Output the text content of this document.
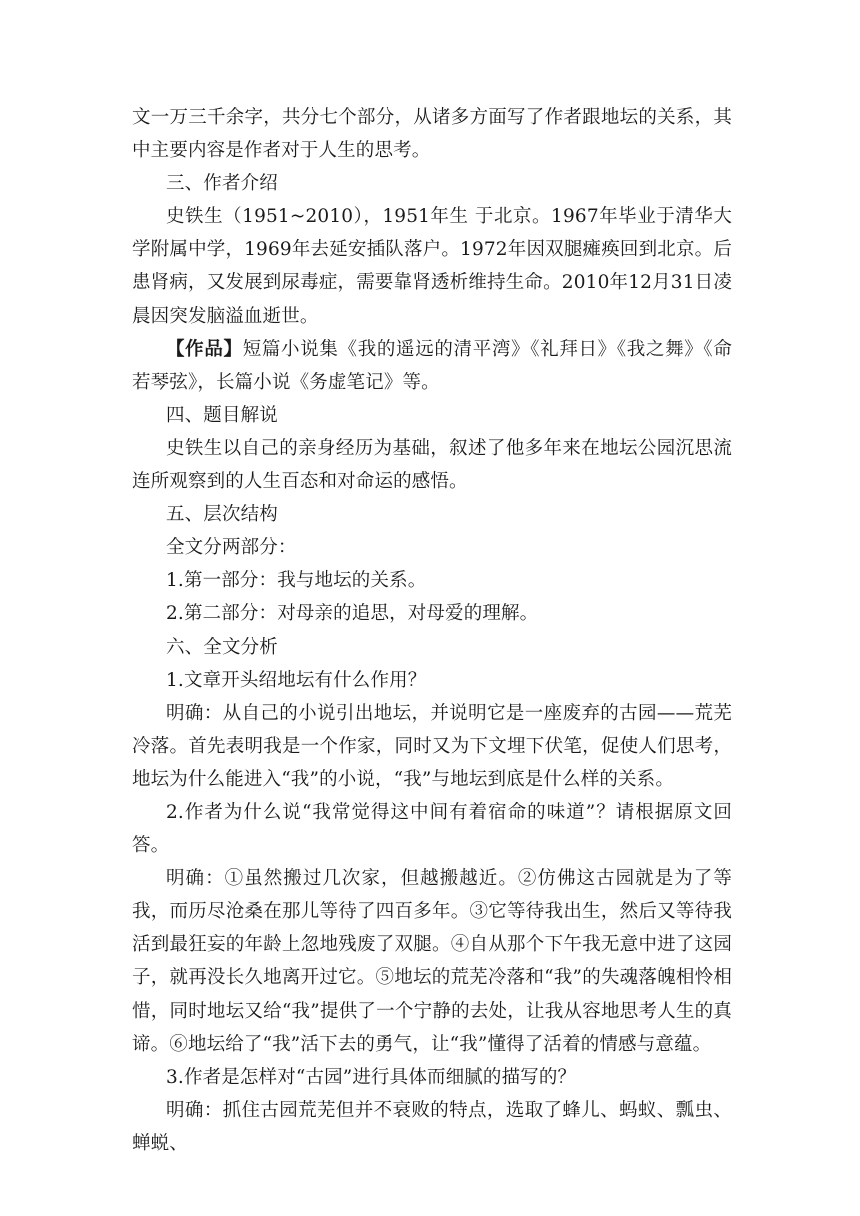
文一万三千余字，共分七个部分，从诸多方面写了作者跟地坛的关系，其中主要内容是作者对于人生的思考。

三、作者介绍

史铁生（1951~2010），1951年生 于北京。1967年毕业于清华大学附属中学，1969年去延安插队落户。1972年因双腿瘫痪回到北京。后患肾病，又发展到尿毒症，需要靠肾透析维持生命。2010年12月31日凌晨因突发脑溢血逝世。

【作品】短篇小说集《我的遥远的清平湾》《礼拜日》《我之舞》《命若琴弦》，长篇小说《务虚笔记》等。

四、题目解说

史铁生以自己的亲身经历为基础，叙述了他多年来在地坛公园沉思流连所观察到的人生百态和对命运的感悟。

五、层次结构

全文分两部分：

1.第一部分：我与地坛的关系。

2.第二部分：对母亲的追思，对母爱的理解。

六、全文分析

1.文章开头绍地坛有什么作用？

明确：从自己的小说引出地坛，并说明它是一座废弃的古园——荒芜冷落。首先表明我是一个作家，同时又为下文埋下伏笔，促使人们思考，地坛为什么能进入“我”的小说，“我”与地坛到底是什么样的关系。

2.作者为什么说“我常觉得这中间有着宿命的味道”？请根据原文回答。

明确：①虽然搬过几次家，但越搬越近。②仿佛这古园就是为了等我，而历尽沧桑在那儿等待了四百多年。③它等待我出生，然后又等待我活到最狂妄的年龄上忽地残废了双腿。④自从那个下午我无意中进了这园子，就再没长久地离开过它。⑤地坛的荒芜冷落和“我”的失魂落魄相怜相惜，同时地坛又给“我”提供了一个宁静的去处，让我从容地思考人生的真谛。⑥地坛给了“我”活下去的勇气，让“我”懂得了活着的情感与意蕴。

3.作者是怎样对“古园”进行具体而细腻的描写的？

明确：抓住古园荒芜但并不衰败的特点，选取了蜂儿、蚂蚁、瓢虫、蝉蜕、
